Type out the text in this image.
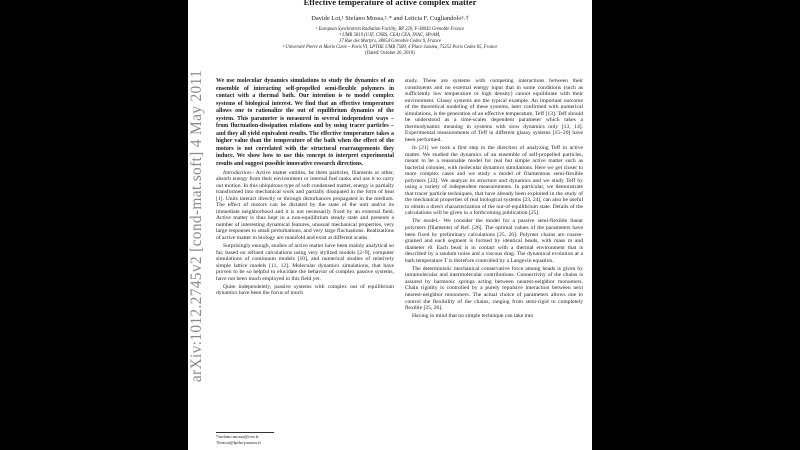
arXiv:1012.2745v2 [cond-mat.soft] 4 May 2011
Effective temperature of active complex matter
Davide Loi,¹ Stefano Mossa,²˒* and Leticia F. Cugliandolo³˒†
¹ European Synchrotron Radiation Facility, BP 220, F-38043 Grenoble France
² UMR 5819 (UJF, CNRS, CEA) CEA, INAC, SPrAM,
17 Rue des Martyrs, 38054 Grenoble Cedex 9, France
³ Université Pierre et Marie Curie – Paris VI, LPTHE UMR 7589, 4 Place Jussieu, 75252 Paris Cedex 05, France
(Dated: October 26, 2018)

We use molecular dynamics simulations to study the dynamics of an ensemble of interacting self-propelled semi-flexible polymers in contact with a thermal bath. Our intention is to model complex systems of biological interest. We find that an effective temperature allows one to rationalize the out of equilibrium dynamics of the system. This parameter is measured in several independent ways – from fluctuation-dissipation relations and by using tracer particles – and they all yield equivalent results. The effective temperature takes a higher value than the temperature of the bath when the effect of the motors is not correlated with the structural rearrangements they induce. We show how to use this concept to interpret experimental results and suggest possible innovative research directions.

Introduction.- Active matter entities, be them particles, filaments or other, absorb energy from their environment or internal fuel tanks and use it to carry out motion. In this ubiquitous type of soft condensed matter, energy is partially transformed into mechanical work and partially dissipated in the form of heat [1]. Units interact directly or through disturbances propagated in the medium. The effect of motors can be dictated by the state of the unit and/or its immediate neighborhood and it is not necessarily fixed by an external field. Active matter is thus kept in a non-equilibrium steady state and presents a number of interesting dynamical features, unusual mechanical properties, very large responses to small perturbations, and very large fluctuations. Realizations of active matter in biology are manifold and exist at different scales.

Surprisingly enough, studies of active matter have been mainly analytical so far, based on refined calculations using very stylized models [2–9], computer simulations of continuum models [10], and numerical studies of relatively simple lattice models [11, 12]. Molecular dynamics simulations, that have proven to be so helpful to elucidate the behavior of complex passive systems, have not been much employed in this field yet.

Quite independently, passive systems with complex out of equilibrium dynamics have been the focus of much

study. These are systems with competing interactions between their constituents and no external energy input that in some conditions (such as sufficiently low temperature or high density) cannot equilibrate with their environment. Glassy systems are the typical example. An important outcome of the theoretical modeling of these systems, later confirmed with numerical simulations, is the generation of an effective temperature, Teff [13]. Teff should be understood as a time-scales dependent parameter which takes a thermodynamic meaning in systems with slow dynamics only [13, 14]. Experimental measurements of Teff in different glassy systems [15–20] have been performed.

In [21] we took a first step in the direction of analyzing Teff in active matter. We studied the dynamics of an ensemble of self-propelled particles, meant to be a reasonable model for real but simple active matter such as bacterial colonies, with molecular dynamics simulations. Here we get closer to more complex cases and we study a model of filamentous semi-flexible polymers [22]. We analyze its structure and dynamics and we study Teff by using a variety of independent measurements. In particular, we demonstrate that tracer particle techniques, that have already been exploited in the study of the mechanical properties of real biological systems [23, 24], can also be useful to obtain a direct characterization of the out-of-equilibrium state. Details of the calculations will be given in a forthcoming publication [25].

The model.- We consider the model for a passive semi-flexible linear polymers (filaments) of Ref. [26]. The optimal values of the parameters have been fixed by preliminary calculations [25, 26]. Polymer chains are coarse-grained and each segment is formed by identical beads, with mass m and diameter r0. Each bead is in contact with a thermal environment that is described by a random noise and a viscous drag. The dynamical evolution at a bath temperature T is therefore controlled by a Langevin equation.

The deterministic mechanical conservative force among beads is given by intramolecular and intermolecular contributions. Connectivity of the chains is assured by harmonic springs acting between nearest-neighbor monomers. Chain rigidity is controlled by a purely repulsive interaction between next nearest-neighbor monomers. The actual choice of parameters allows one to control the flexibility of the chains, ranging from semi-rigid to completely flexible [25, 26].

Having in mind that no simple technique can take into

*stefano.mossa@cea.fr
†leticia@lpthe.jussieu.fr
